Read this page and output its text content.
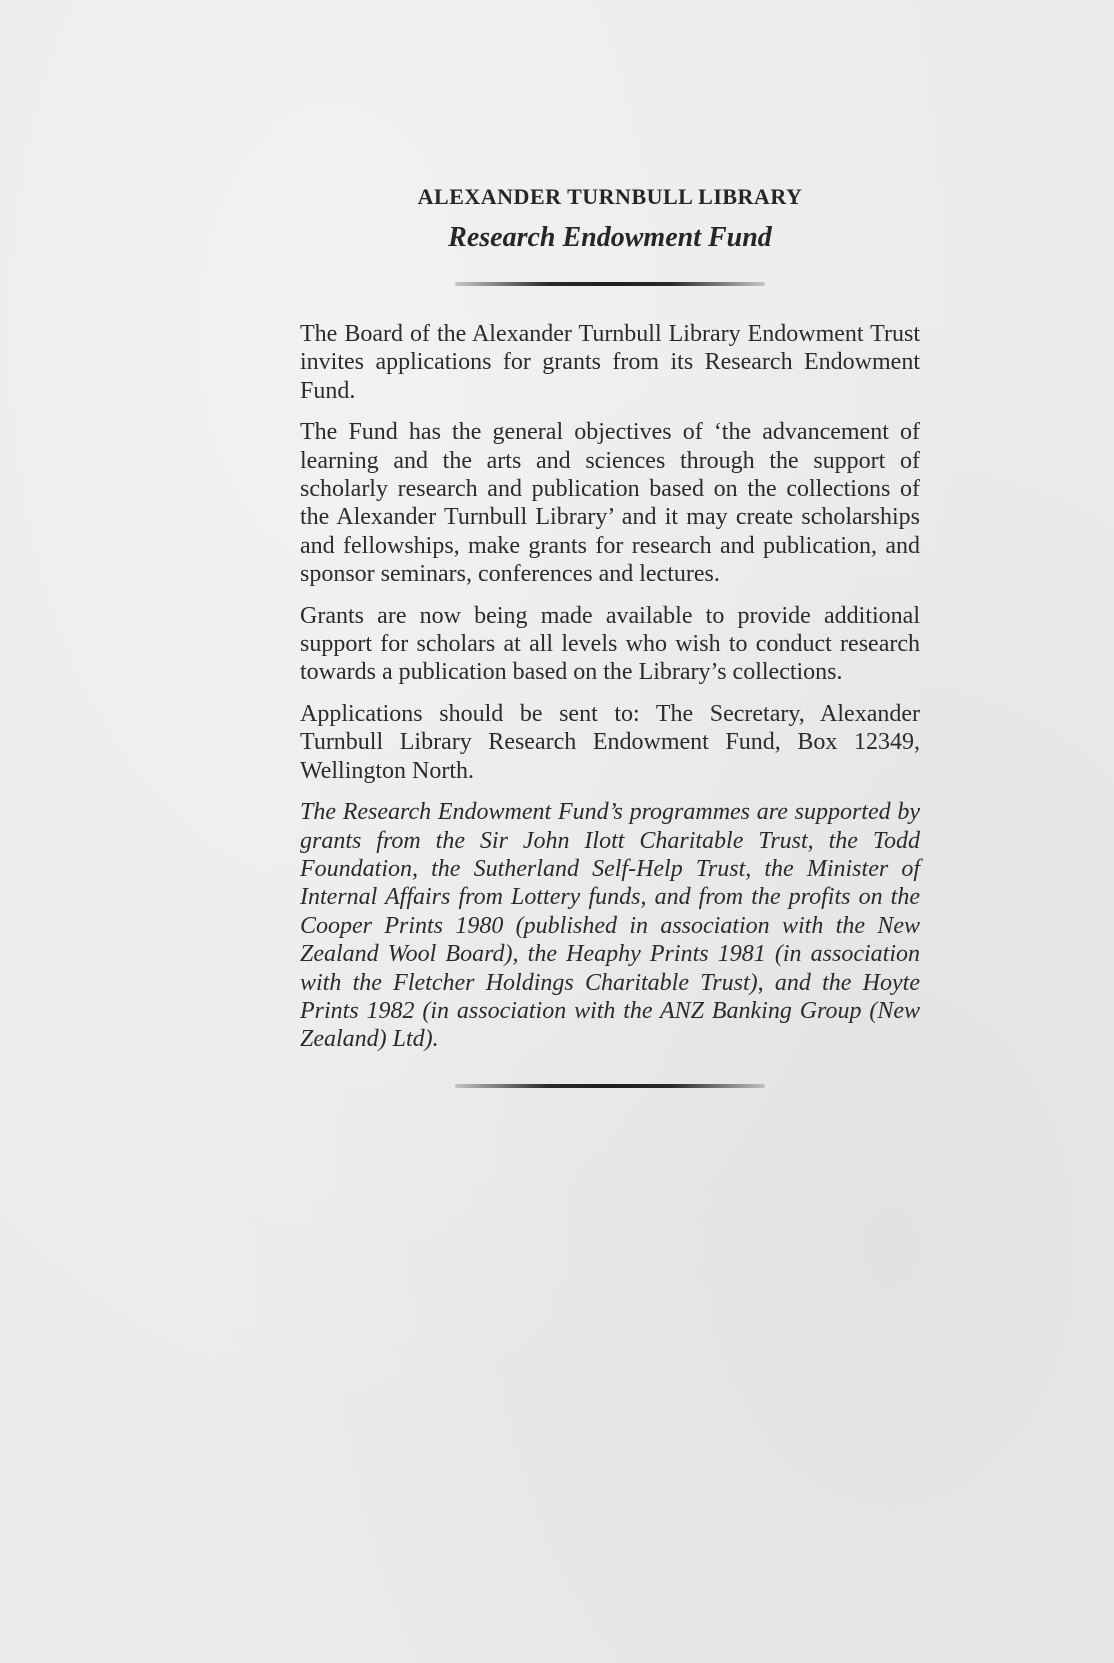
ALEXANDER TURNBULL LIBRARY
Research Endowment Fund

The Board of the Alexander Turnbull Library Endowment Trust invites applications for grants from its Research Endowment Fund.

The Fund has the general objectives of ‘the advancement of learning and the arts and sciences through the support of scholarly research and publication based on the collections of the Alexander Turnbull Library’ and it may create scholarships and fellowships, make grants for research and publication, and sponsor seminars, conferences and lectures.

Grants are now being made available to provide additional support for scholars at all levels who wish to conduct research towards a publication based on the Library’s collections.

Applications should be sent to: The Secretary, Alexander Turnbull Library Research Endowment Fund, Box 12349, Wellington North.

The Research Endowment Fund’s programmes are supported by grants from the Sir John Ilott Charitable Trust, the Todd Foundation, the Sutherland Self-Help Trust, the Minister of Internal Affairs from Lottery funds, and from the profits on the Cooper Prints 1980 (published in association with the New Zealand Wool Board), the Heaphy Prints 1981 (in association with the Fletcher Holdings Charitable Trust), and the Hoyte Prints 1982 (in association with the ANZ Banking Group (New Zealand) Ltd).
